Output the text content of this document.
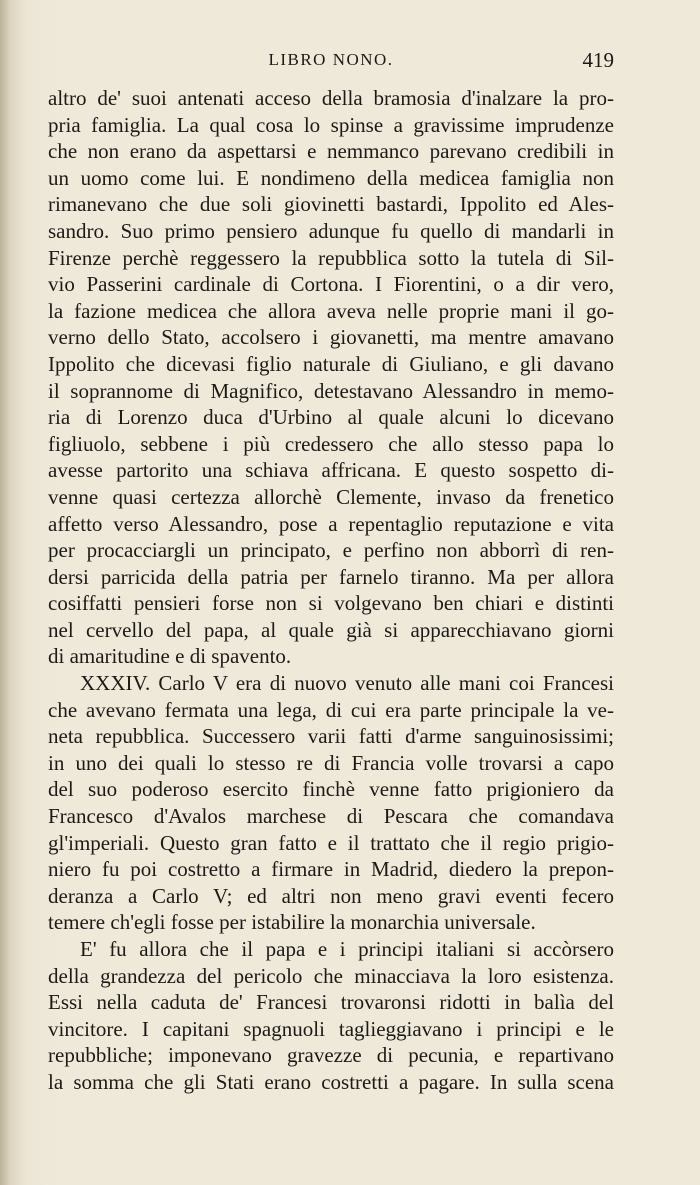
LIBRO NONO.	419
altro de' suoi antenati acceso della bramosia d'inalzare la pro-
pria famiglia. La qual cosa lo spinse a gravissime imprudenze
che non erano da aspettarsi e nemmanco parevano credibili in
un uomo come lui. E nondimeno della medicea famiglia non
rimanevano che due soli giovinetti bastardi, Ippolito ed Ales-
sandro. Suo primo pensiero adunque fu quello di mandarli in
Firenze perchè reggessero la repubblica sotto la tutela di Sil-
vio Passerini cardinale di Cortona. I Fiorentini, o a dir vero,
la fazione medicea che allora aveva nelle proprie mani il go-
verno dello Stato, accolsero i giovanetti, ma mentre amavano
Ippolito che dicevasi figlio naturale di Giuliano, e gli davano
il soprannome di Magnifico, detestavano Alessandro in memo-
ria di Lorenzo duca d'Urbino al quale alcuni lo dicevano
figliuolo, sebbene i più credessero che allo stesso papa lo
avesse partorito una schiava affricana. E questo sospetto di-
venne quasi certezza allorchè Clemente, invaso da frenetico
affetto verso Alessandro, pose a repentaglio reputazione e vita
per procacciargli un principato, e perfino non abborrì di ren-
dersi parricida della patria per farnelo tiranno. Ma per allora
cosiffatti pensieri forse non si volgevano ben chiari e distinti
nel cervello del papa, al quale già si apparecchiavano giorni
di amaritudine e di spavento.
XXXIV. Carlo V era di nuovo venuto alle mani coi Francesi
che avevano fermata una lega, di cui era parte principale la ve-
neta repubblica. Successero varii fatti d'arme sanguinosissimi;
in uno dei quali lo stesso re di Francia volle trovarsi a capo
del suo poderoso esercito finchè venne fatto prigioniero da
Francesco d'Avalos marchese di Pescara che comandava
gl'imperiali. Questo gran fatto e il trattato che il regio prigio-
niero fu poi costretto a firmare in Madrid, diedero la prepon-
deranza a Carlo V; ed altri non meno gravi eventi fecero
temere ch'egli fosse per istabilire la monarchia universale.
E' fu allora che il papa e i principi italiani si accòrsero
della grandezza del pericolo che minacciava la loro esistenza.
Essi nella caduta de' Francesi trovaronsi ridotti in balìa del
vincitore. I capitani spagnuoli taglieggiavano i principi e le
repubbliche; imponevano gravezze di pecunia, e repartivano
la somma che gli Stati erano costretti a pagare. In sulla scena
